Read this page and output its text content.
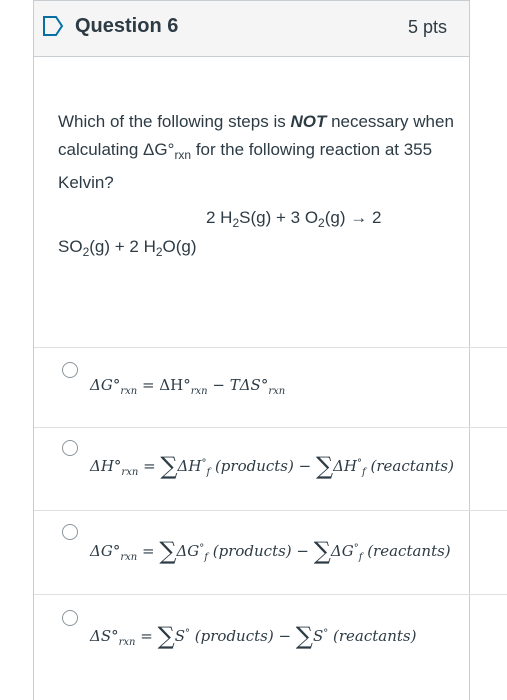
Question 6	5 pts
Which of the following steps is NOT necessary when calculating $\Delta G^\circ_{rxn}$ for the following reaction at 355 Kelvin?
2 $H_2S(g) + 3$ $O_2(g) \to 2$
$SO_2(g) + 2$ $H_2O(g)$
$\Delta G^\circ_{rxn} = \Delta H^\circ_{rxn} - T\Delta S^\circ_{rxn}$
$\Delta H^\circ_{rxn} = \sum\Delta H^\circ_f$ (products) − $\sum\Delta H^\circ_f$ (reactants)
$\Delta G^\circ_{rxn} = \sum\Delta G^\circ_f$ (products) − $\sum\Delta G^\circ_f$ (reactants)
$\Delta S^\circ_{rxn} = \sum S^\circ$ (products) − ∑S° (reactants)
